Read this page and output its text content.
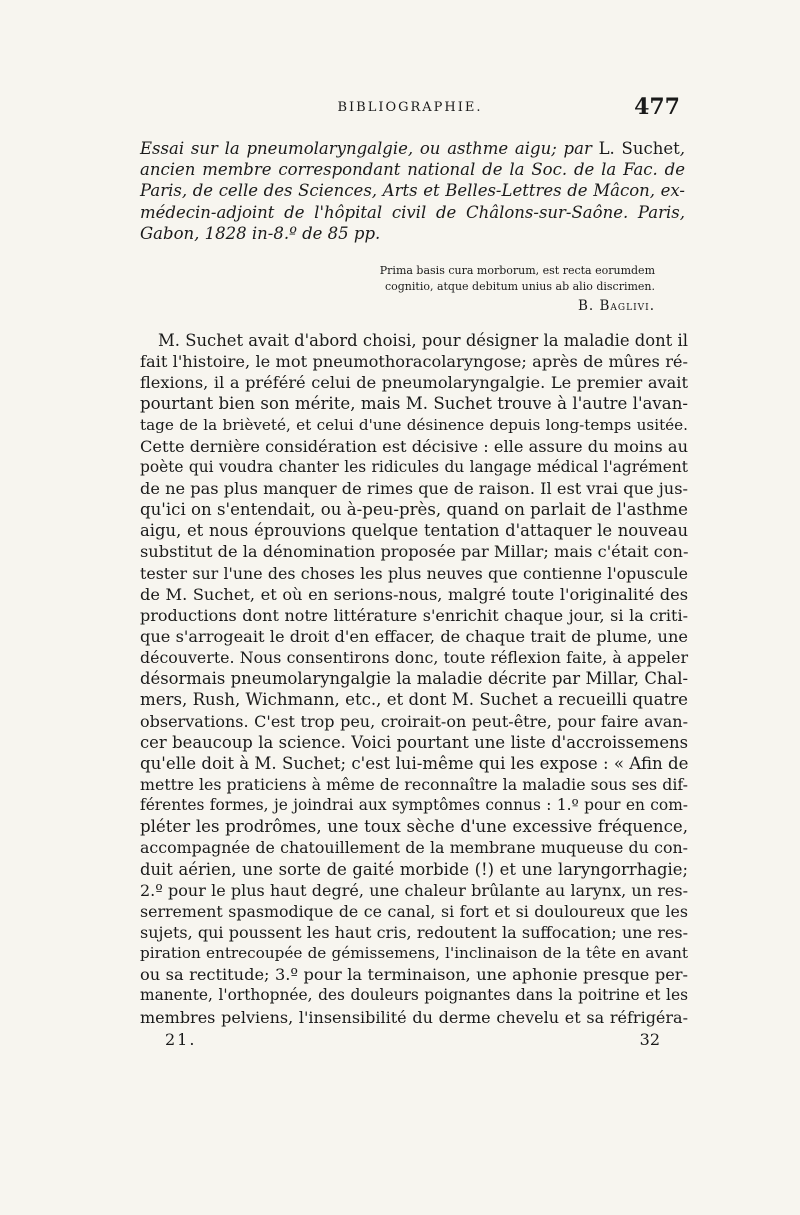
BIBLIOGRAPHIE.	477
Essai sur la pneumolaryngalgie, ou asthme aigu; par L. Suchet, ancien membre correspondant national de la Soc. de la Fac. de Paris, de celle des Sciences, Arts et Belles-Lettres de Mâcon, ex-médecin-adjoint de l'hôpital civil de Châlons-sur-Saône. Paris, Gabon, 1828 in-8.º de 85 pp.
Prima basis cura morborum, est recta eorumdem
cognitio, atque debitum unius ab alio discrimen.
B. Baglivi.
M. Suchet avait d'abord choisi, pour désigner la maladie dont il
fait l'histoire, le mot pneumothoracolaryngose; après de mûres ré-
flexions, il a préféré celui de pneumolaryngalgie. Le premier avait
pourtant bien son mérite, mais M. Suchet trouve à l'autre l'avan-
tage de la brièveté, et celui d'une désinence depuis long-temps usitée.
Cette dernière considération est décisive : elle assure du moins au
poète qui voudra chanter les ridicules du langage médical l'agrément
de ne pas plus manquer de rimes que de raison. Il est vrai que jus-
qu'ici on s'entendait, ou à-peu-près, quand on parlait de l'asthme
aigu, et nous éprouvions quelque tentation d'attaquer le nouveau
substitut de la dénomination proposée par Millar; mais c'était con-
tester sur l'une des choses les plus neuves que contienne l'opuscule
de M. Suchet, et où en serions-nous, malgré toute l'originalité des
productions dont notre littérature s'enrichit chaque jour, si la criti-
que s'arrogeait le droit d'en effacer, de chaque trait de plume, une
découverte. Nous consentirons donc, toute réflexion faite, à appeler
désormais pneumolaryngalgie la maladie décrite par Millar, Chal-
mers, Rush, Wichmann, etc., et dont M. Suchet a recueilli quatre
observations. C'est trop peu, croirait-on peut-être, pour faire avan-
cer beaucoup la science. Voici pourtant une liste d'accroissemens
qu'elle doit à M. Suchet; c'est lui-même qui les expose : « Afin de
mettre les praticiens à même de reconnaître la maladie sous ses dif-
férentes formes, je joindrai aux symptômes connus : 1.º pour en com-
pléter les prodrômes, une toux sèche d'une excessive fréquence,
accompagnée de chatouillement de la membrane muqueuse du con-
duit aérien, une sorte de gaité morbide (!) et une laryngorrhagie;
2.º pour le plus haut degré, une chaleur brûlante au larynx, un res-
serrement spasmodique de ce canal, si fort et si douloureux que les
sujets, qui poussent les haut cris, redoutent la suffocation; une res-
piration entrecoupée de gémissemens, l'inclinaison de la tête en avant
ou sa rectitude; 3.º pour la terminaison, une aphonie presque per-
manente, l'orthopnée, des douleurs poignantes dans la poitrine et les
membres pelviens, l'insensibilité du derme chevelu et sa réfrigéra-
21.	32
